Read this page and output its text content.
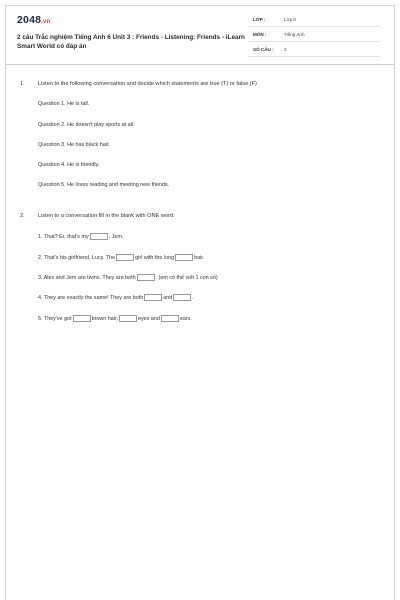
2048.vn
2 câu Trắc nghiệm Tiếng Anh 6 Unit 3 : Friends - Listening: Friends - iLearn Smart World có đáp án
LỚP :	Lớp 6
MÔN :	Tiếng Anh
SỐ CÂU : 2
1. Listen to the following conversation and decide which statements are true (T) or false (F)
Question 1. He is tall.
Question 2. He doesn't play sports at all.
Question 3. He has black hair.
Question 4. He is friendly.
Question 5. He loves reading and meeting new friends.
2. Listen to a conversation fill in the blank with ONE word.
1. That? Er, that's my	, Jem.
2. That's his girlfriend, Lucy. The	girl with the long	hair.
3. Alex and Jem are twins. They are both	. (em có thể viết 1 con số)
4. They are exactly the same! They are both	and	.
5. They've got	brown hair,	eyes and	ears.
